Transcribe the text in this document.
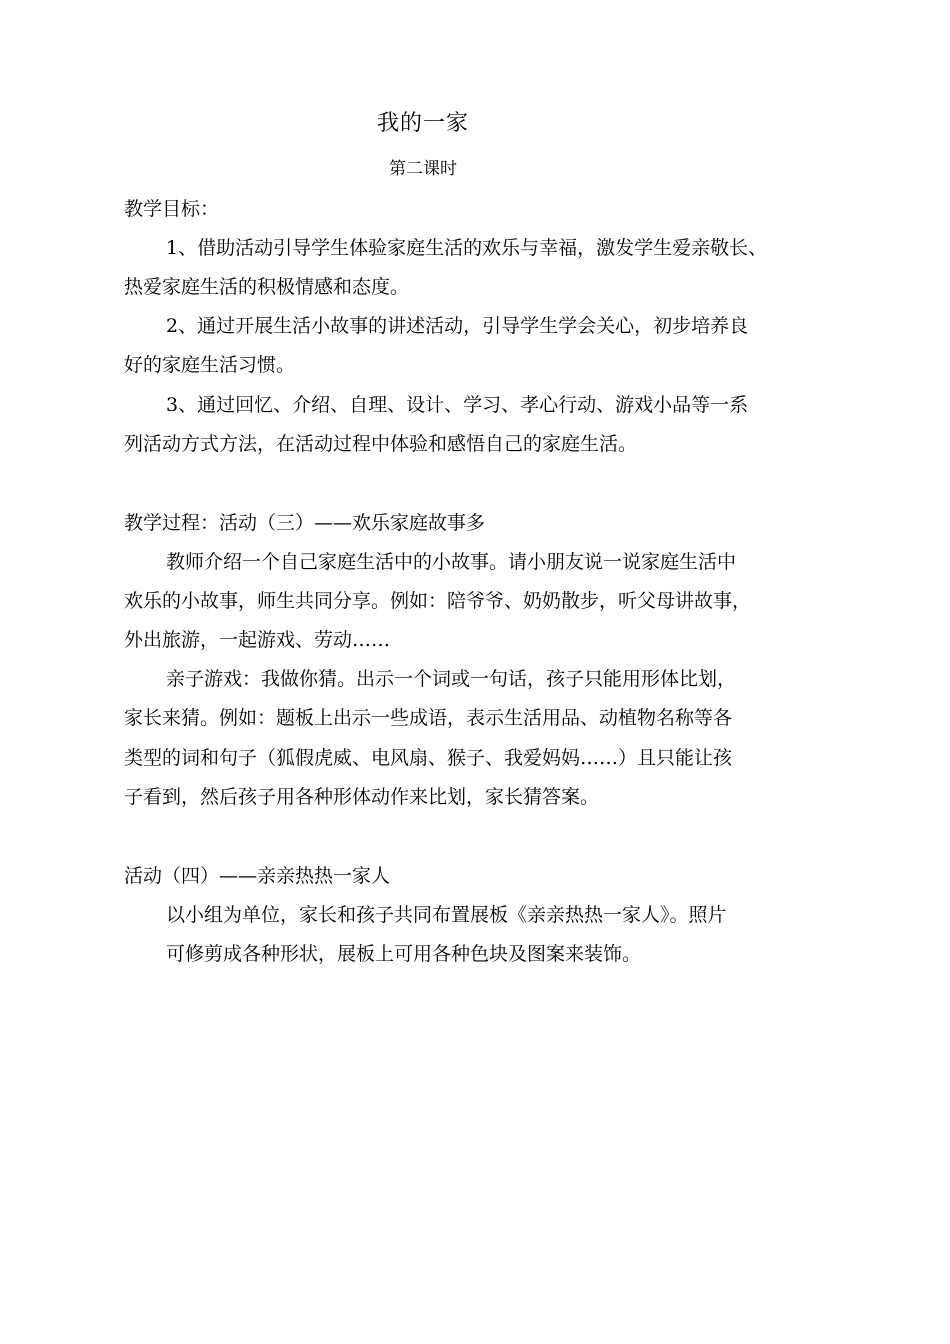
我的一家
第二课时
教学目标：
1、借助活动引导学生体验家庭生活的欢乐与幸福，激发学生爱亲敬长、
热爱家庭生活的积极情感和态度。
2、通过开展生活小故事的讲述活动，引导学生学会关心，初步培养良
好的家庭生活习惯。
3、通过回忆、介绍、自理、设计、学习、孝心行动、游戏小品等一系
列活动方式方法，在活动过程中体验和感悟自己的家庭生活。
教学过程：活动（三）——欢乐家庭故事多
教师介绍一个自己家庭生活中的小故事。请小朋友说一说家庭生活中
欢乐的小故事，师生共同分享。例如：陪爷爷、奶奶散步，听父母讲故事，
外出旅游，一起游戏、劳动……
亲子游戏：我做你猜。出示一个词或一句话，孩子只能用形体比划，
家长来猜。例如：题板上出示一些成语，表示生活用品、动植物名称等各
类型的词和句子（狐假虎威、电风扇、猴子、我爱妈妈……）且只能让孩
子看到，然后孩子用各种形体动作来比划，家长猜答案。
活动（四）——亲亲热热一家人
以小组为单位，家长和孩子共同布置展板《亲亲热热一家人》。照片
可修剪成各种形状，展板上可用各种色块及图案来装饰。
